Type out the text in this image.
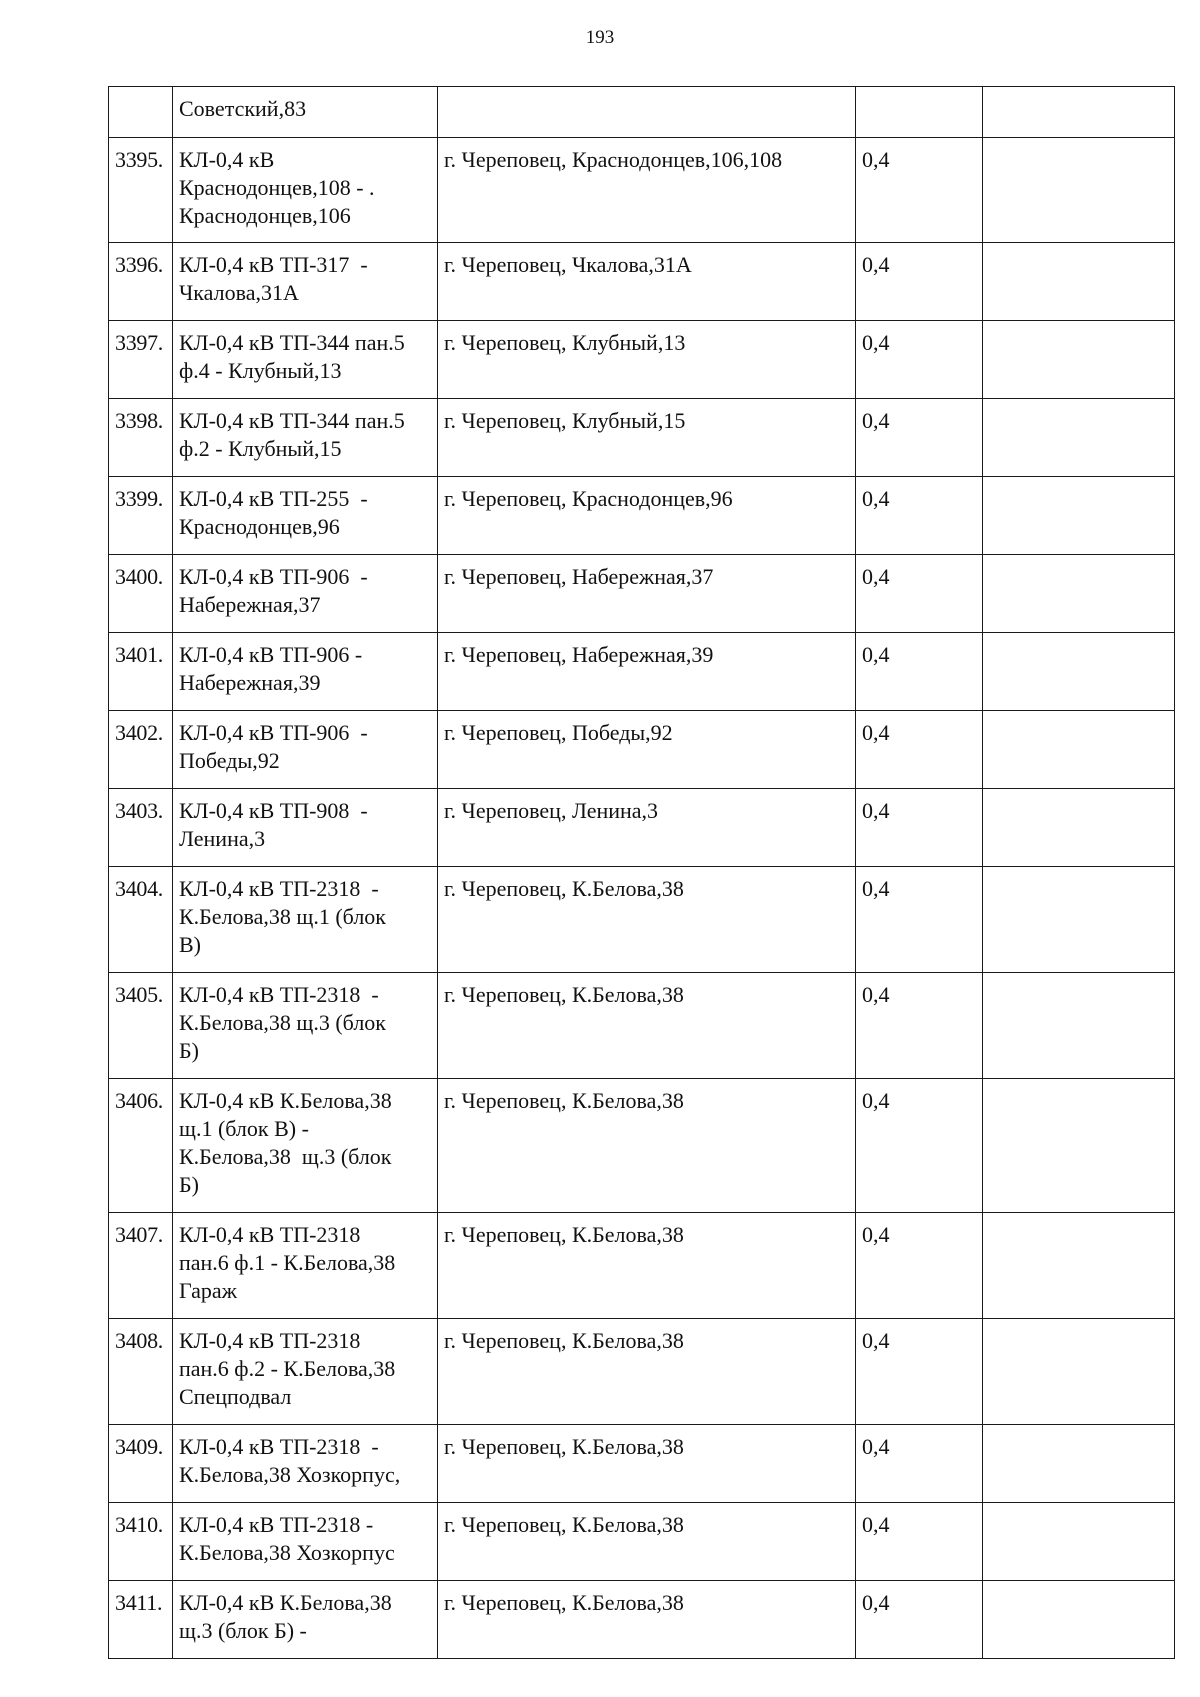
193

	Советский,83			

3395.	КЛ-0,4 кВ
Краснодонцев,108 - .
Краснодонцев,106	г. Череповец, Краснодонцев,106,108	0,4	
3396.	КЛ-0,4 кВ ТП-317  -
Чкалова,31А	г. Череповец, Чкалова,31А	0,4	
3397.	КЛ-0,4 кВ ТП-344 пан.5
ф.4 - Клубный,13	г. Череповец, Клубный,13	0,4	
3398.	КЛ-0,4 кВ ТП-344 пан.5
ф.2 - Клубный,15	г. Череповец, Клубный,15	0,4	
3399.	КЛ-0,4 кВ ТП-255  -
Краснодонцев,96	г. Череповец, Краснодонцев,96	0,4	
3400.	КЛ-0,4 кВ ТП-906  -
Набережная,37	г. Череповец, Набережная,37	0,4	
3401.	КЛ-0,4 кВ ТП-906 -
Набережная,39	г. Череповец, Набережная,39	0,4	
3402.	КЛ-0,4 кВ ТП-906  -
Победы,92	г. Череповец, Победы,92	0,4	
3403.	КЛ-0,4 кВ ТП-908  -
Ленина,3	г. Череповец, Ленина,3	0,4	
3404.	КЛ-0,4 кВ ТП-2318  -
К.Белова,38 щ.1 (блок
В)	г. Череповец, К.Белова,38	0,4	
3405.	КЛ-0,4 кВ ТП-2318  -
К.Белова,38 щ.3 (блок
Б)	г. Череповец, К.Белова,38	0,4	
3406.	КЛ-0,4 кВ К.Белова,38
щ.1 (блок В) -
К.Белова,38  щ.3 (блок
Б)	г. Череповец, К.Белова,38	0,4	
3407.	КЛ-0,4 кВ ТП-2318
пан.6 ф.1 - К.Белова,38
Гараж	г. Череповец, К.Белова,38	0,4	
3408.	КЛ-0,4 кВ ТП-2318
пан.6 ф.2 - К.Белова,38
Спецподвал	г. Череповец, К.Белова,38	0,4	
3409.	КЛ-0,4 кВ ТП-2318  -
К.Белова,38 Хозкорпус,	г. Череповец, К.Белова,38	0,4	
3410.	КЛ-0,4 кВ ТП-2318 -
К.Белова,38 Хозкорпус	г. Череповец, К.Белова,38	0,4	
3411.	КЛ-0,4 кВ К.Белова,38
щ.3 (блок Б) -	г. Череповец, К.Белова,38	0,4	
